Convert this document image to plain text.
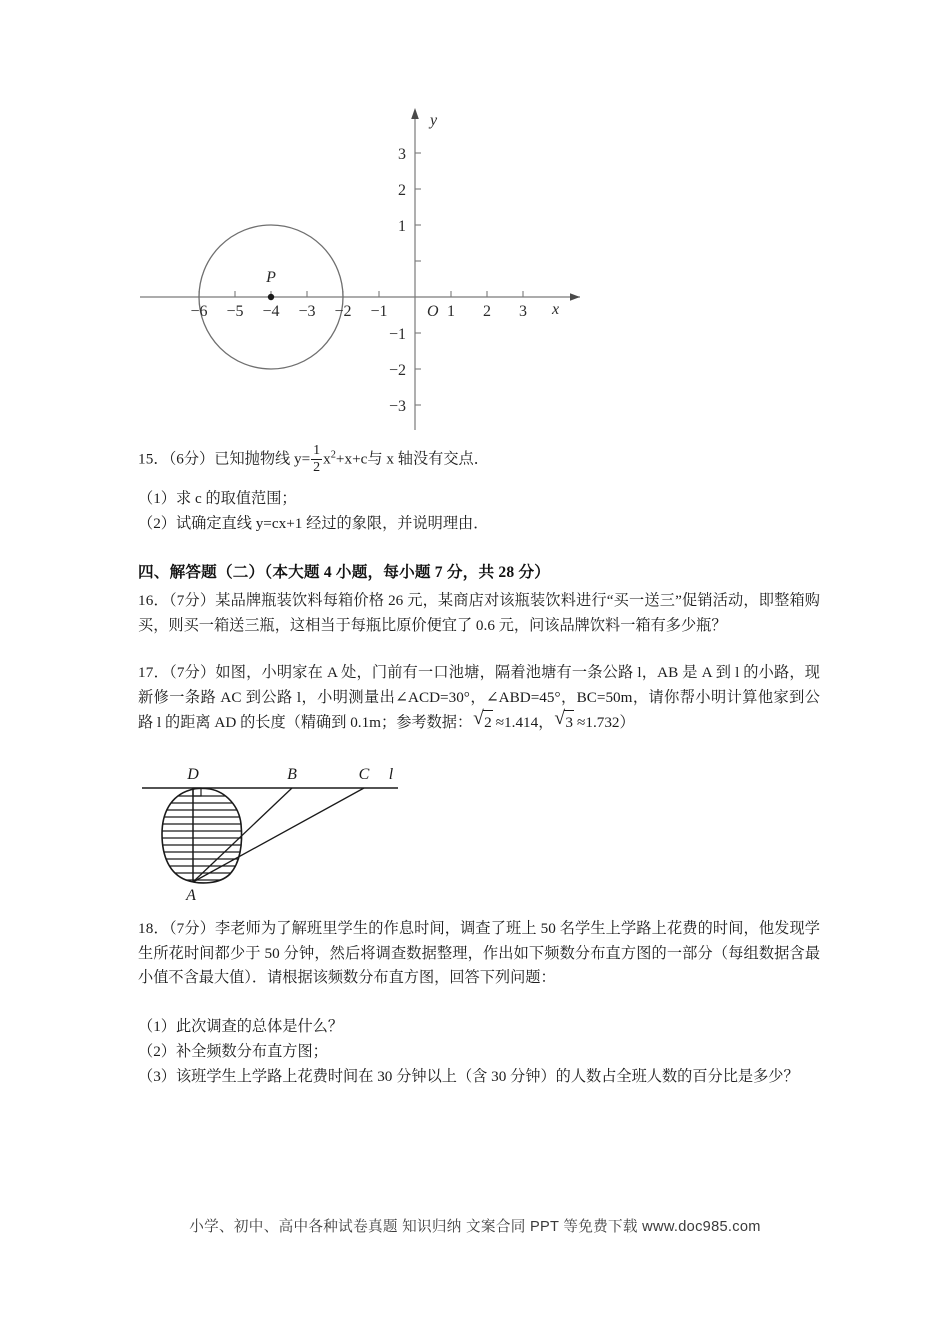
−6 −5 −4 −3 −2 −1	1 2 3
3
2
1
−1
−2
−3
O	x
y
P
15．（6分）已知抛物线 $y= \frac{1}{2} x^2+x+c$与 x 轴没有交点．
（1）求 c 的取值范围；
（2）试确定直线 y=cx+1 经过的象限，并说明理由．
四、解答题（二）（本大题 4 小题，每小题 7 分，共 28 分）
16．（7分）某品牌瓶装饮料每箱价格 26 元，某商店对该瓶装饮料进行“买一送三”促销活动，即整箱购买，则买一箱送三瓶，这相当于每瓶比原价便宜了 0.6 元，问该品牌饮料一箱有多少瓶？
17．（7分）如图，小明家在 A 处，门前有一口池塘，隔着池塘有一条公路 l，AB 是 A 到 l 的小路，现新修一条路 AC 到公路 l，小明测量出∠ACD=30°，∠ABD=45°，BC=50m，请你帮小明计算他家到公路 l 的距离 AD 的长度（精确到 0.1m；参考数据： √ 2 ≈1.414， √ 3 ≈1.732）
D	B	C l
A
18．（7分）李老师为了解班里学生的作息时间，调查了班上 50 名学生上学路上花费的时间，他发现学生所花时间都少于 50 分钟，然后将调查数据整理，作出如下频数分布直方图的一部分（每组数据含最小值不含最大值）．请根据该频数分布直方图，回答下列问题：
（1）此次调查的总体是什么？
（2）补全频数分布直方图；
（3）该班学生上学路上花费时间在 30 分钟以上（含 30 分钟）的人数占全班人数的百分比是多少？
小学、初中、高中各种试卷真题 知识归纳 文案合同 PPT 等免费下载 www.doc985.com
